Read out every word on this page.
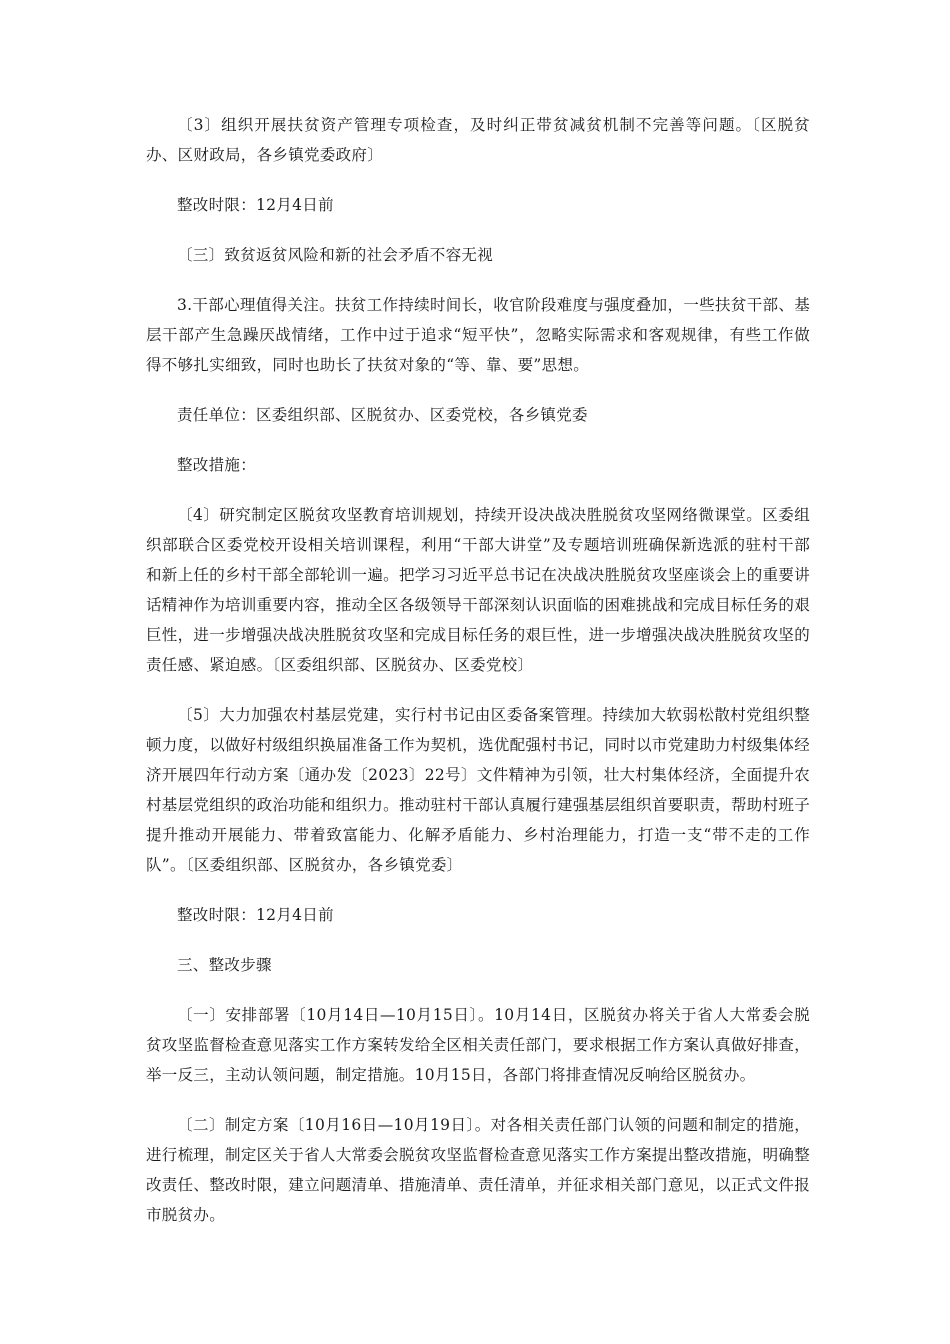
〔3〕组织开展扶贫资产管理专项检查，及时纠正带贫减贫机制不完善等问题。〔区脱贫办、区财政局，各乡镇党委政府〕

整改时限：12月4日前

〔三〕致贫返贫风险和新的社会矛盾不容无视

3.干部心理值得关注。扶贫工作持续时间长，收官阶段难度与强度叠加，一些扶贫干部、基层干部产生急躁厌战情绪，工作中过于追求“短平快”，忽略实际需求和客观规律，有些工作做得不够扎实细致，同时也助长了扶贫对象的“等、靠、要”思想。

责任单位：区委组织部、区脱贫办、区委党校，各乡镇党委

整改措施：

〔4〕研究制定区脱贫攻坚教育培训规划，持续开设决战决胜脱贫攻坚网络微课堂。区委组织部联合区委党校开设相关培训课程，利用“干部大讲堂”及专题培训班确保新选派的驻村干部和新上任的乡村干部全部轮训一遍。把学习习近平总书记在决战决胜脱贫攻坚座谈会上的重要讲话精神作为培训重要内容，推动全区各级领导干部深刻认识面临的困难挑战和完成目标任务的艰巨性，进一步增强决战决胜脱贫攻坚和完成目标任务的艰巨性，进一步增强决战决胜脱贫攻坚的责任感、紧迫感。〔区委组织部、区脱贫办、区委党校〕

〔5〕大力加强农村基层党建，实行村书记由区委备案管理。持续加大软弱松散村党组织整顿力度，以做好村级组织换届准备工作为契机，选优配强村书记，同时以市党建助力村级集体经济开展四年行动方案〔通办发〔2023〕22号〕文件精神为引领，壮大村集体经济，全面提升农村基层党组织的政治功能和组织力。推动驻村干部认真履行建强基层组织首要职责，帮助村班子提升推动开展能力、带着致富能力、化解矛盾能力、乡村治理能力，打造一支“带不走的工作队”。〔区委组织部、区脱贫办，各乡镇党委〕

整改时限：12月4日前

三、整改步骤

〔一〕安排部署〔10月14日—10月15日〕。10月14日，区脱贫办将关于省人大常委会脱贫攻坚监督检查意见落实工作方案转发给全区相关责任部门，要求根据工作方案认真做好排查，举一反三，主动认领问题，制定措施。10月15日，各部门将排查情况反响给区脱贫办。

〔二〕制定方案〔10月16日—10月19日〕。对各相关责任部门认领的问题和制定的措施，进行梳理，制定区关于省人大常委会脱贫攻坚监督检查意见落实工作方案提出整改措施，明确整改责任、整改时限，建立问题清单、措施清单、责任清单，并征求相关部门意见，以正式文件报市脱贫办。
